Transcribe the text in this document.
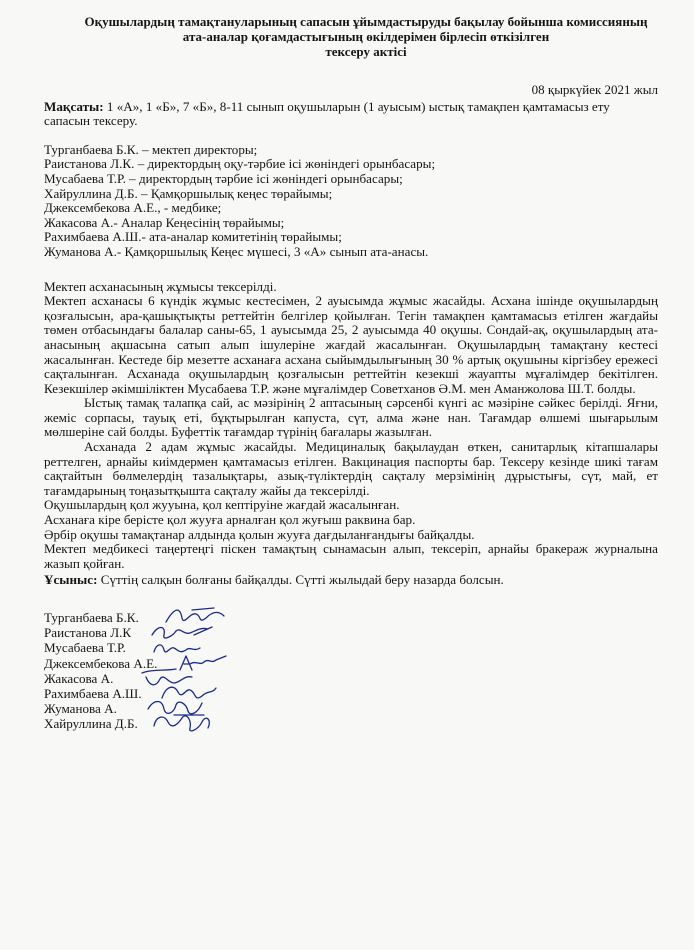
Оқушылардың тамақтануларының сапасын ұйымдастыруды бақылау бойынша комиссияның
ата-аналар қоғамдастығының өкілдерімен бірлесіп өткізілген
тексеру актісі
08 қыркүйек 2021 жыл
Мақсаты: 1 «А», 1 «Б», 7 «Б», 8-11 сынып оқушыларын (1 ауысым) ыстық тамақпен қамтамасыз ету сапасын тексеру.
Турганбаева Б.К. – мектеп директоры;
Раистанова Л.К. – директордың оқу-тәрбие ісі жөніндегі орынбасары;
Мусабаева Т.Р. – директордың тәрбие ісі жөніндегі орынбасары;
Хайруллина Д.Б. – Қамқоршылық кеңес төрайымы;
Джексембекова А.Е., - медбике;
Жакасова А.- Аналар Кеңесінің төрайымы;
Рахимбаева А.Ш.- ата-аналар комитетінің төрайымы;
Жуманова А.- Қамқоршылық Кеңес мүшесі, 3 «А» сынып ата-анасы.

Мектеп асханасының жұмысы тексерілді.

Мектеп асханасы 6 күндік жұмыс кестесімен, 2 ауысымда жұмыс жасайды. Асхана ішінде оқушылардың қозғалысын, ара-қашықтықты реттейтін белгілер қойылған. Тегін тамақпен қамтамасыз етілген жағдайы төмен отбасындағы балалар саны-65, 1 ауысымда 25, 2 ауысымда 40 оқушы. Сондай-ақ, оқушылардың ата-анасының ақшасына сатып алып ішулеріне жағдай жасалынған. Оқушылардың тамақтану кестесі жасалынған. Кестеде бір мезетте асханаға асхана сыйымдылығының 30 % артық оқушыны кіргізбеу ережесі сақталынған. Асханада оқушылардың қозғалысын реттейтін кезекші жауапты мұғалімдер бекітілген. Кезекшілер әкімшіліктен Мусабаева Т.Р. және мұғалімдер Советханов Ә.М. мен Аманжолова Ш.Т. болды.

Ыстық тамақ талапқа сай, ас мәзірінің 2 аптасының сәрсенбі күнгі ас мәзіріне сәйкес берілді. Яғни, жеміс сорпасы, тауық еті, бұқтырылған капуста, сүт, алма және нан. Тағамдар өлшемі шығарылым мөлшеріне сай болды. Буфеттік тағамдар түрінің бағалары жазылған.

Асханада 2 адам жұмыс жасайды. Медициналық бақылаудан өткен, санитарлық кітапшалары реттелген, арнайы киімдермен қамтамасыз етілген. Вакцинация паспорты бар. Тексеру кезінде шикі тағам сақтайтын бөлмелердің тазалықтары, азық-түліктердің сақталу мерзімінің дұрыстығы, сүт, май, ет тағамдарының тоңазытқышта сақталу жайы да тексерілді.

Оқушылардың қол жууына, қол кептіруіне жағдай жасалынған.

Асханаға кіре берісте қол жууға арналған қол жуғыш раквина бар.

Әрбір оқушы тамақтанар алдында қолын жууға дағдыланғандығы байқалды.

Мектеп медбикесі таңертеңгі піскен тамақтың сынамасын алып, тексеріп, арнайы бракераж журналына жазып қойған.

Ұсыныс: Сүттің салқын болғаны байқалды. Сүтті жылыдай беру назарда болсын.
Турганбаева Б.К.
Раистанова Л.К
Мусабаева Т.Р.
Джексембекова А.Е.
Жакасова А.
Рахимбаева А.Ш.
Жуманова А.
Хайруллина Д.Б.
